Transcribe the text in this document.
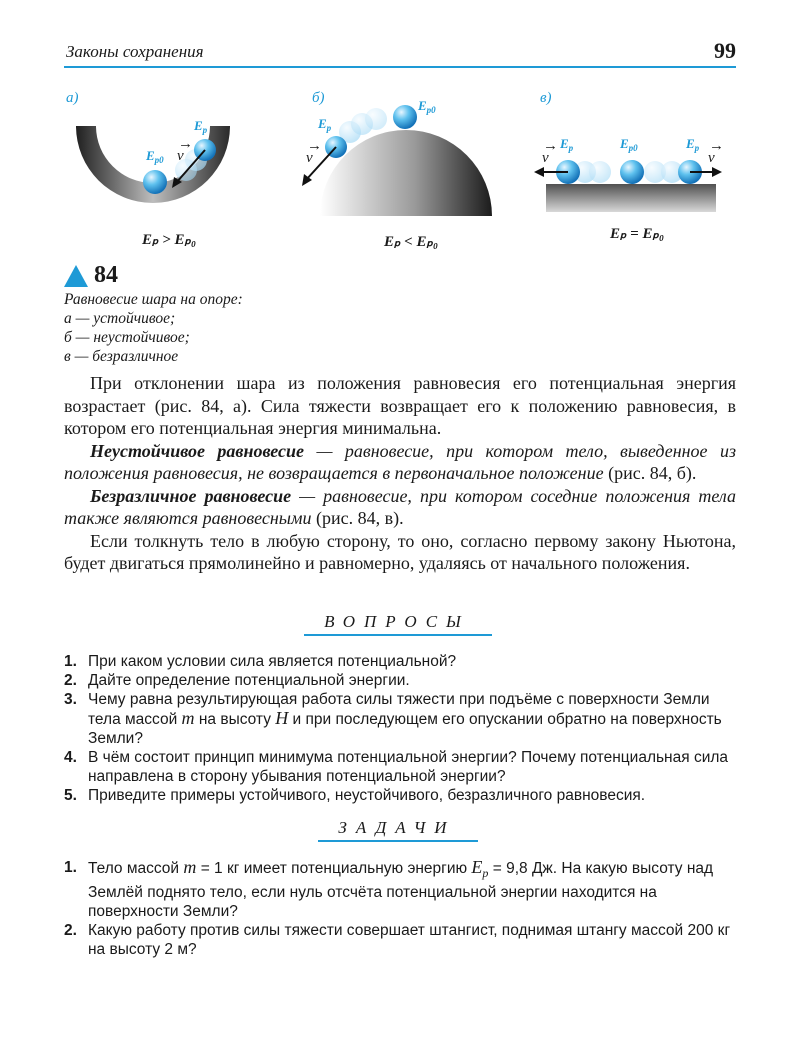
Законы сохранения	99
а)
$E_p$
$E_{p0}$ v
→
Eₚ > Eₚ₀
б)
$E_p$
$E_{p0}$
v
→
Eₚ < Eₚ₀
в)
$E_p$	$E_{p0}$	$E_p$
v
→
v
→
Eₚ = Eₚ₀
84
Равновесие шара на опоре:
а — устойчивое;
б — неустойчивое;
в — безразличное

При отклонении шара из положения равновесия его потенциальная энергия возрастает (рис. 84, а). Сила тяжести возвращает его к положению равновесия, в котором его потенциальная энергия минимальна.

Неустойчивое равновесие — равновесие, при котором тело, выведенное из положения равновесия, не возвращается в первоначальное положение (рис. 84, б).

Безразличное равновесие — равновесие, при котором соседние положения тела также являются равновесными (рис. 84, в).

Если толкнуть тело в любую сторону, то оно, согласно первому закону Ньютона, будет двигаться прямолинейно и равномерно, удаляясь от начального положения.

ВОПРОСЫ
1. При каком условии сила является потенциальной?
2. Дайте определение потенциальной энергии.
3. Чему равна результирующая работа силы тяжести при подъёме с поверхности Земли тела массой m на высоту H и при последующем его опускании обратно на поверхность Земли?
4. В чём состоит принцип минимума потенциальной энергии? Почему потенциальная сила направлена в сторону убывания потенциальной энергии?
5. Приведите примеры устойчивого, неустойчивого, безразличного равновесия.
ЗАДАЧИ
1. Тело массой m = 1 кг имеет потенциальную энергию $E_p = 9,8$ Дж. На какую высоту над Землёй поднято тело, если нуль отсчёта потенциальной энергии находится на поверхности Земли?
2. Какую работу против силы тяжести совершает штангист, поднимая штангу массой 200 кг на высоту 2 м?
